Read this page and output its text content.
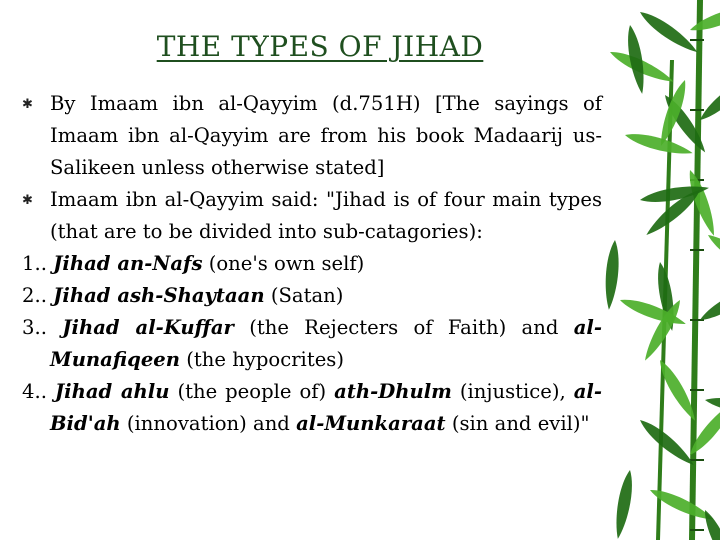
THE TYPES OF JIHAD
✱ By Imaam ibn al-Qayyim (d.751H) [The sayings of Imaam ibn al-Qayyim are from his book Madaarij us-Salikeen unless otherwise stated]
✱ Imaam ibn al-Qayyim said: "Jihad is of four main types (that are to be divided into sub-catagories):
1.. Jihad an-Nafs (one's own self)
2.. Jihad ash-Shaytaan (Satan)
3.. Jihad al-Kuffar (the Rejecters of Faith) and al-Munafiqeen (the hypocrites)
4.. Jihad ahlu (the people of) ath-Dhulm (injustice), al-Bid'ah (innovation) and al-Munkaraat (sin and evil)"
